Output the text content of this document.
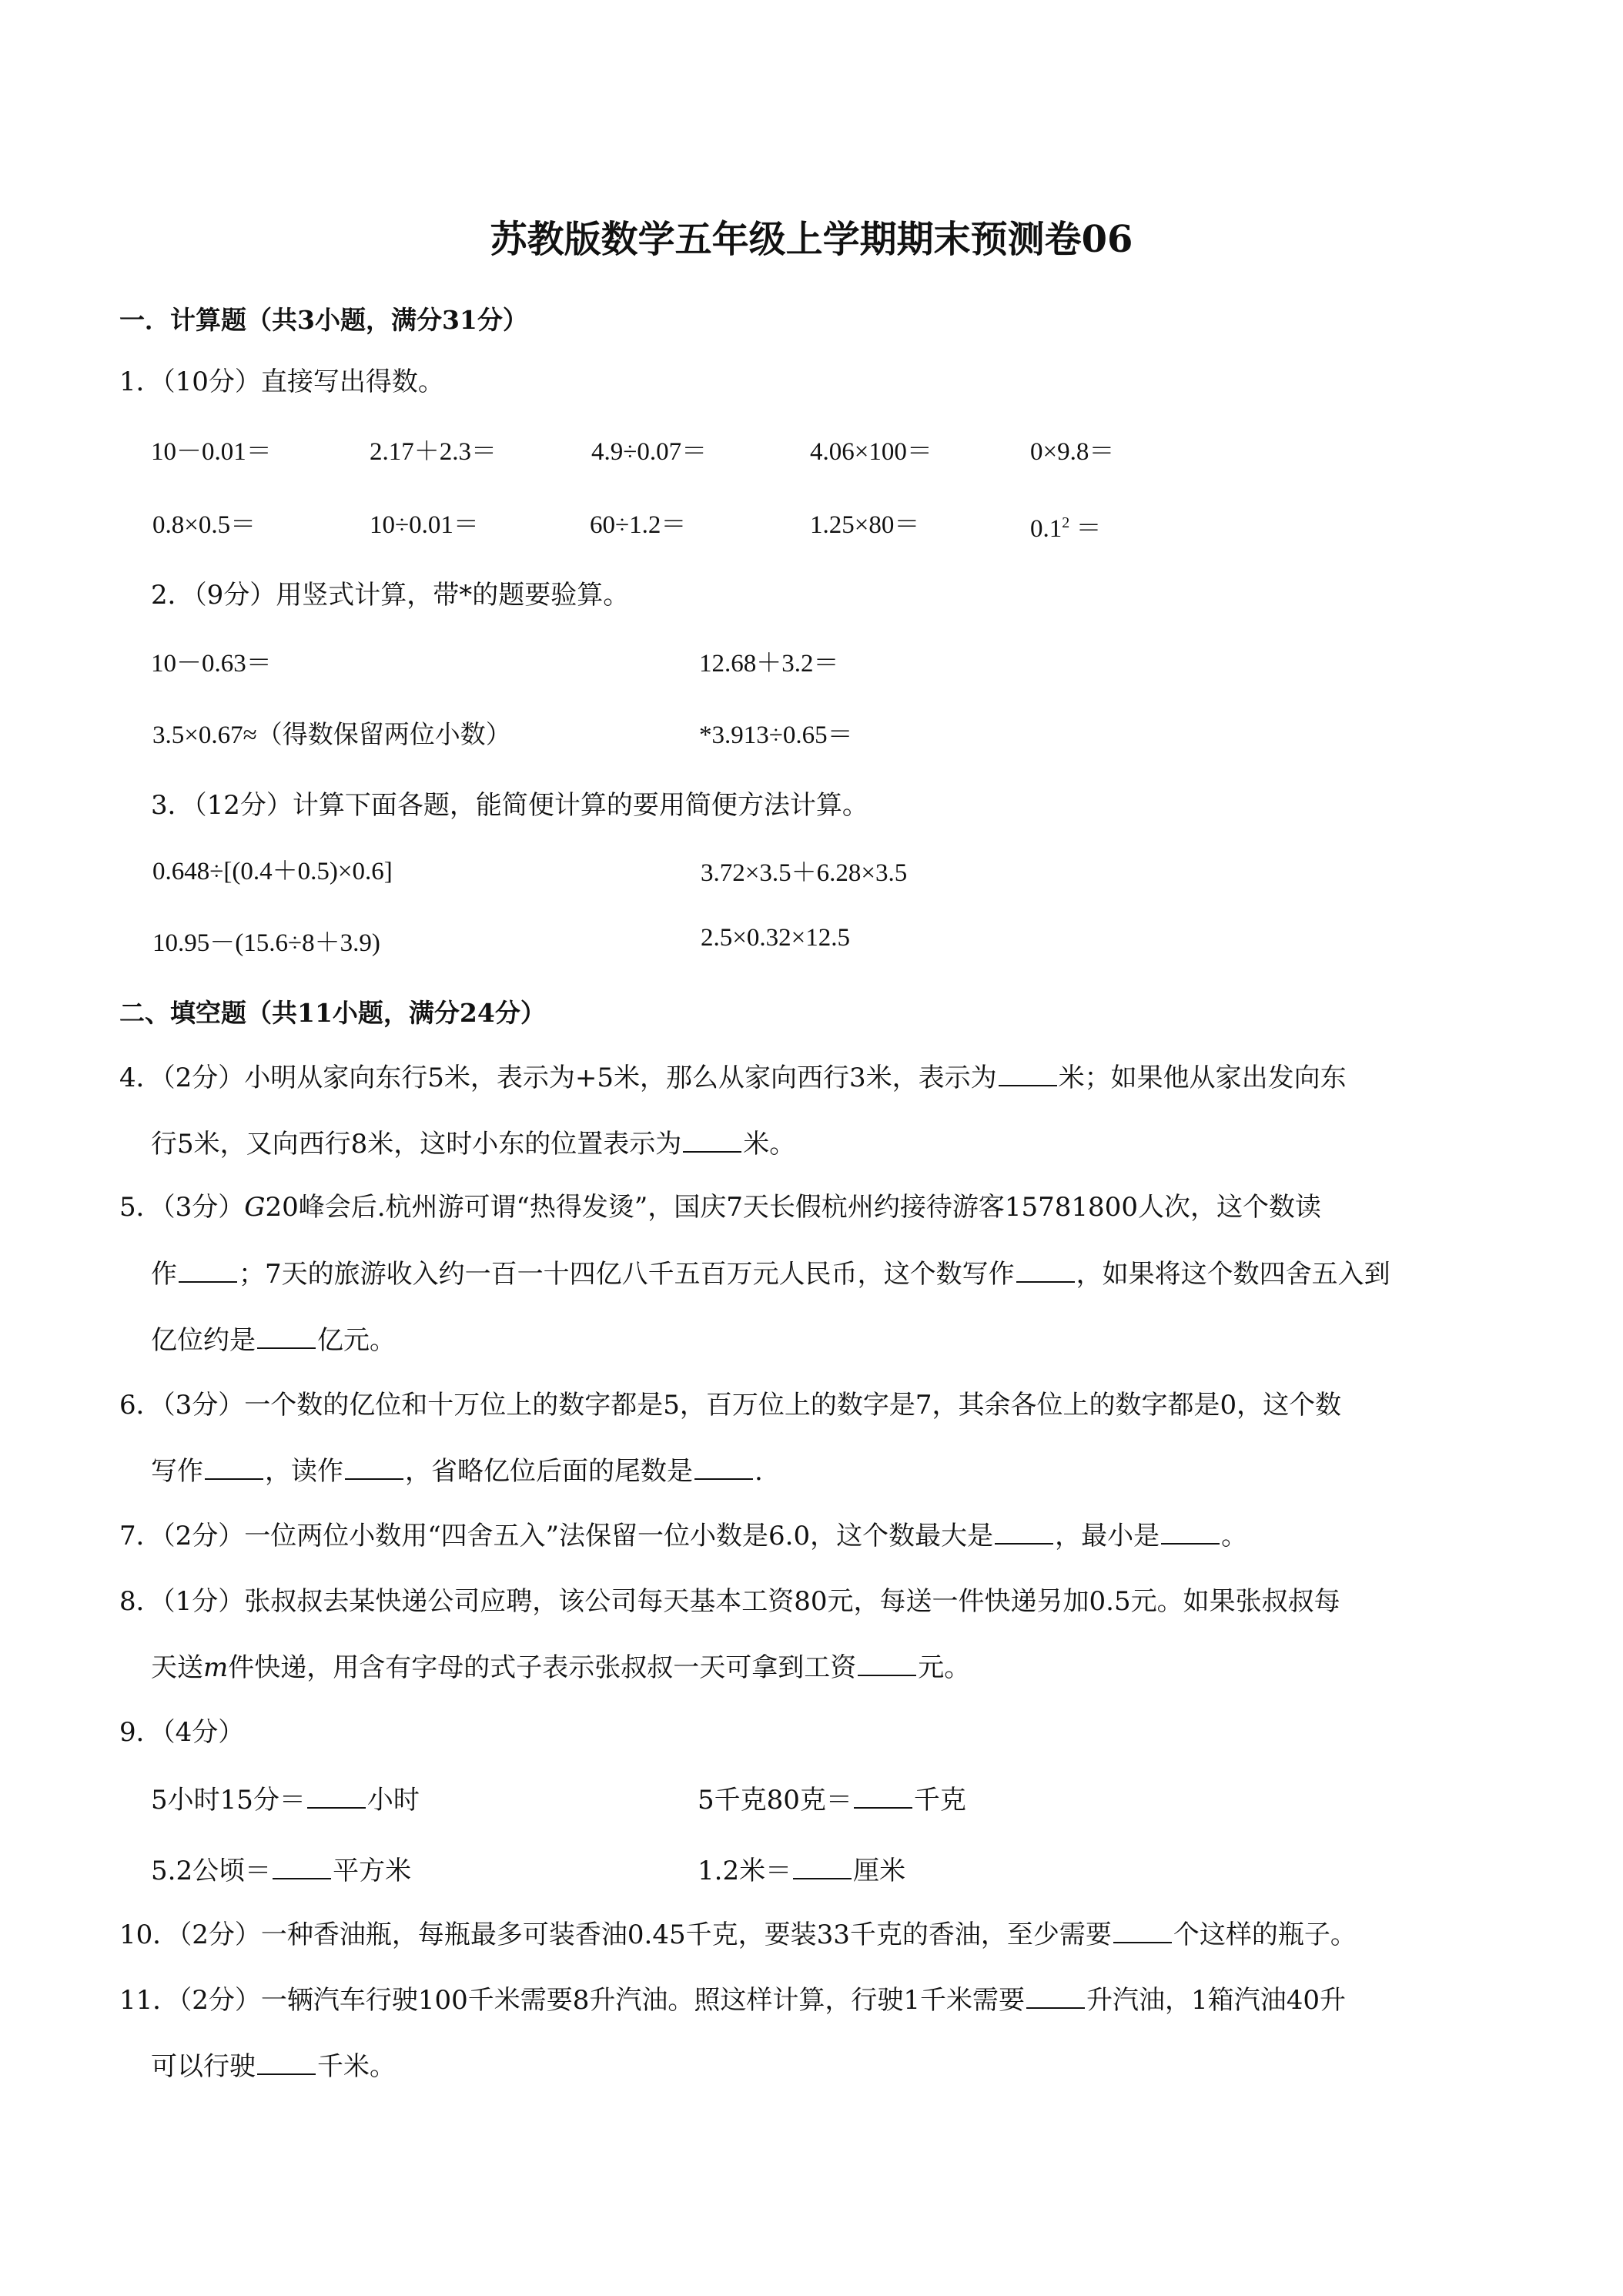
苏教版数学五年级上学期期末预测卷06
一．计算题（共3小题，满分31分）
1．（10分）直接写出得数。
10－0.01＝	2.17＋2.3＝	4.9÷0.07＝	4.06×100＝	0×9.8＝
0.8×0.5＝	10÷0.01＝	60÷1.2＝	1.25×80＝	$0.1^2$ ＝
2．（9分）用竖式计算，带*的题要验算。
10－0.63＝	12.68＋3.2＝
3.5×0.67≈（得数保留两位小数）	*3.913÷0.65＝
3．（12分）计算下面各题，能简便计算的要用简便方法计算。
0.648÷[(0.4＋0.5)×0.6]	3.72×3.5＋6.28×3.5
10.95－(15.6÷8＋3.9)	2.5×0.32×12.5
二、填空题（共11小题，满分24分）
4．（2分）小明从家向东行5米，表示为+5米，那么从家向西行3米，表示为 米；如果他从家出发向东
行5米，又向西行8米，这时小东的位置表示为 米。
5．（3分）G20峰会后.杭州游可谓“热得发烫”，国庆7天长假杭州约接待游客15781800人次，这个数读
作 ；7天的旅游收入约一百一十四亿八千五百万元人民币，这个数写作 ，如果将这个数四舍五入到
亿位约是 亿元。
6．（3分）一个数的亿位和十万位上的数字都是5，百万位上的数字是7，其余各位上的数字都是0，这个数
写作 ，读作 ，省略亿位后面的尾数是 .
7．（2分）一位两位小数用“四舍五入”法保留一位小数是6.0，这个数最大是 ，最小是 。
8．（1分）张叔叔去某快递公司应聘，该公司每天基本工资80元，每送一件快递另加0.5元。如果张叔叔每
天送m件快递，用含有字母的式子表示张叔叔一天可拿到工资 元。
9．（4分）
5小时15分＝ 小时	5千克80克＝ 千克
5.2公顷＝ 平方米	1.2米＝ 厘米
10．（2分）一种香油瓶，每瓶最多可装香油0.45千克，要装33千克的香油，至少需要 个这样的瓶子。
11．（2分）一辆汽车行驶100千米需要8升汽油。照这样计算，行驶1千米需要 升汽油，1箱汽油40升
可以行驶 千米。
